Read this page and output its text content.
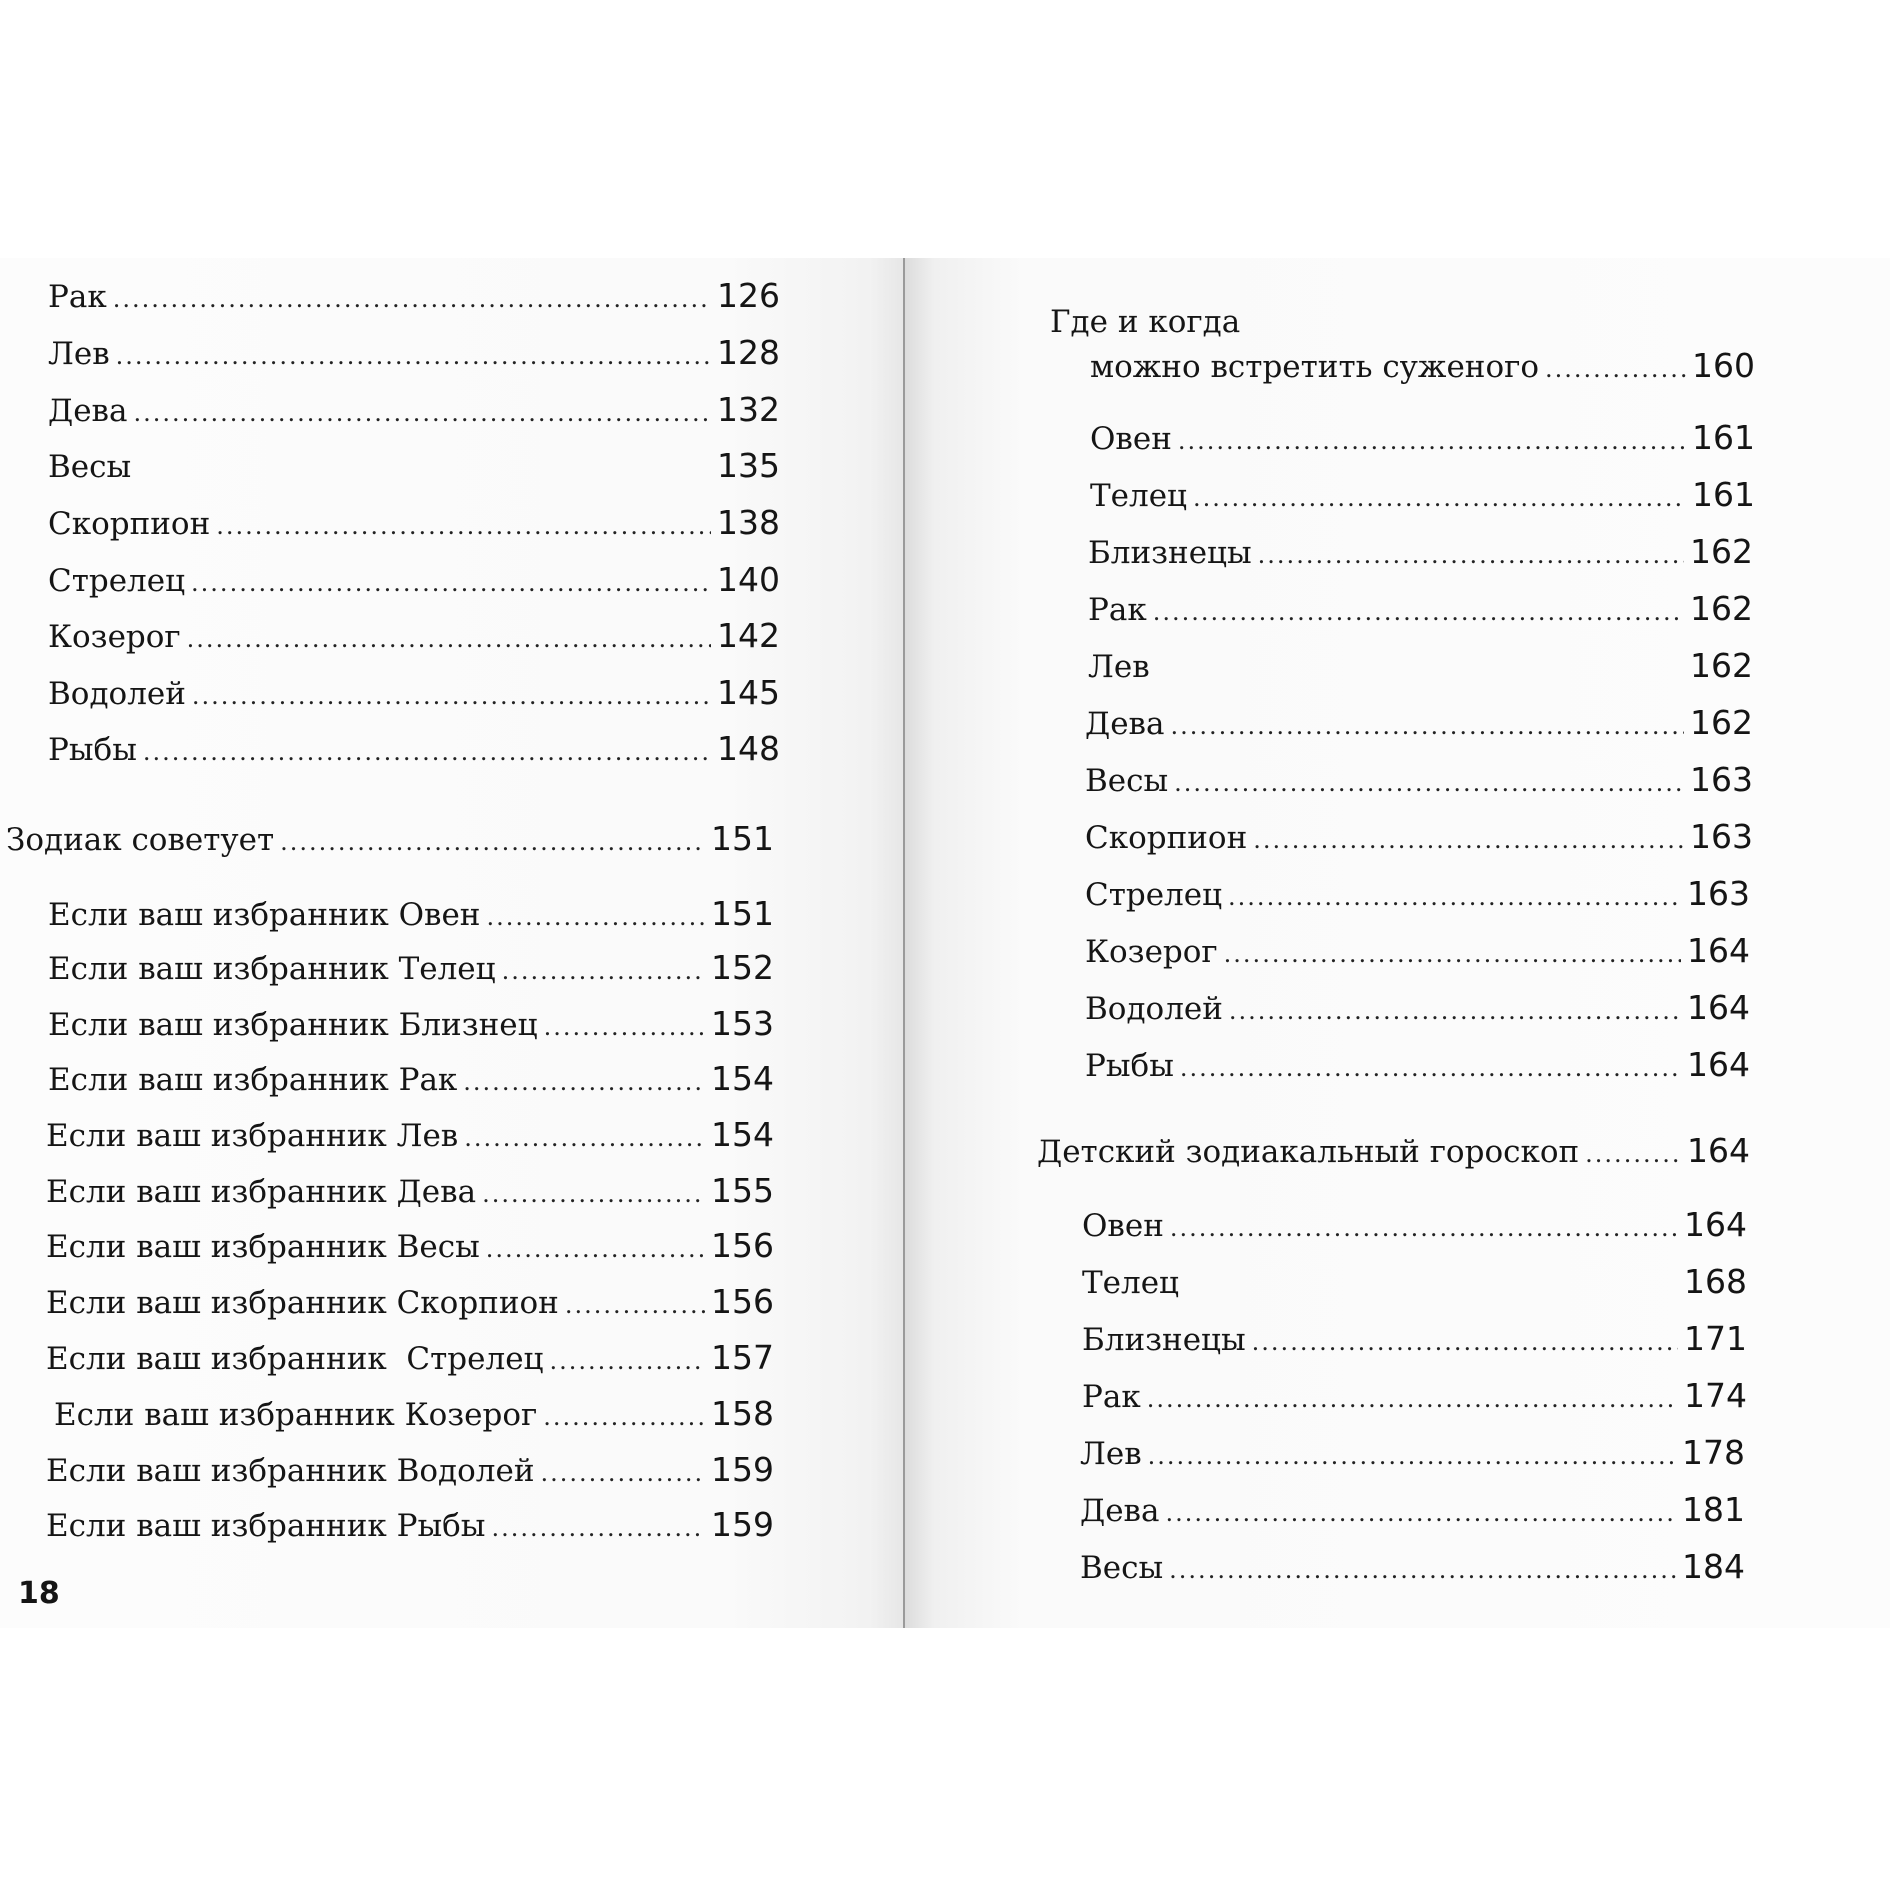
Рак .....	126
Лев .....	128
Дева .....	132
Весы	135
Скорпион .....	138
Стрелец .....	140
Козерог .....	142
Водолей .....	145
Рыбы .....	148
Зодиак советует .....	151
Если ваш избранник Овен .....	151
Если ваш избранник Телец .....	152
Если ваш избранник Близнец .....	153
Если ваш избранник Рак .....	154
Если ваш избранник Лев .....	154
Если ваш избранник Дева .....	155
Если ваш избранник Весы .....	156
Если ваш избранник Скорпион .....	156
Если ваш избранник  Стрелец .....	157
Если ваш избранник Козерог .....	158
Если ваш избранник Водолей .....	159
Если ваш избранник Рыбы .....	159
18
Где и когда
можно встретить суженого .....	160
Овен .....	161
Телец .....	161
Близнецы .....	162
Рак .....	162
Лев	162
Дева .....	162
Весы .....	163
Скорпион .....	163
Стрелец .....	163
Козерог .....	164
Водолей .....	164
Рыбы .....	164
Детский зодиакальный гороскоп .....	164
Овен .....	164
Телец	168
Близнецы .....	171
Рак .....	174
Лев .....	178
Дева .....	181
Весы .....	184
